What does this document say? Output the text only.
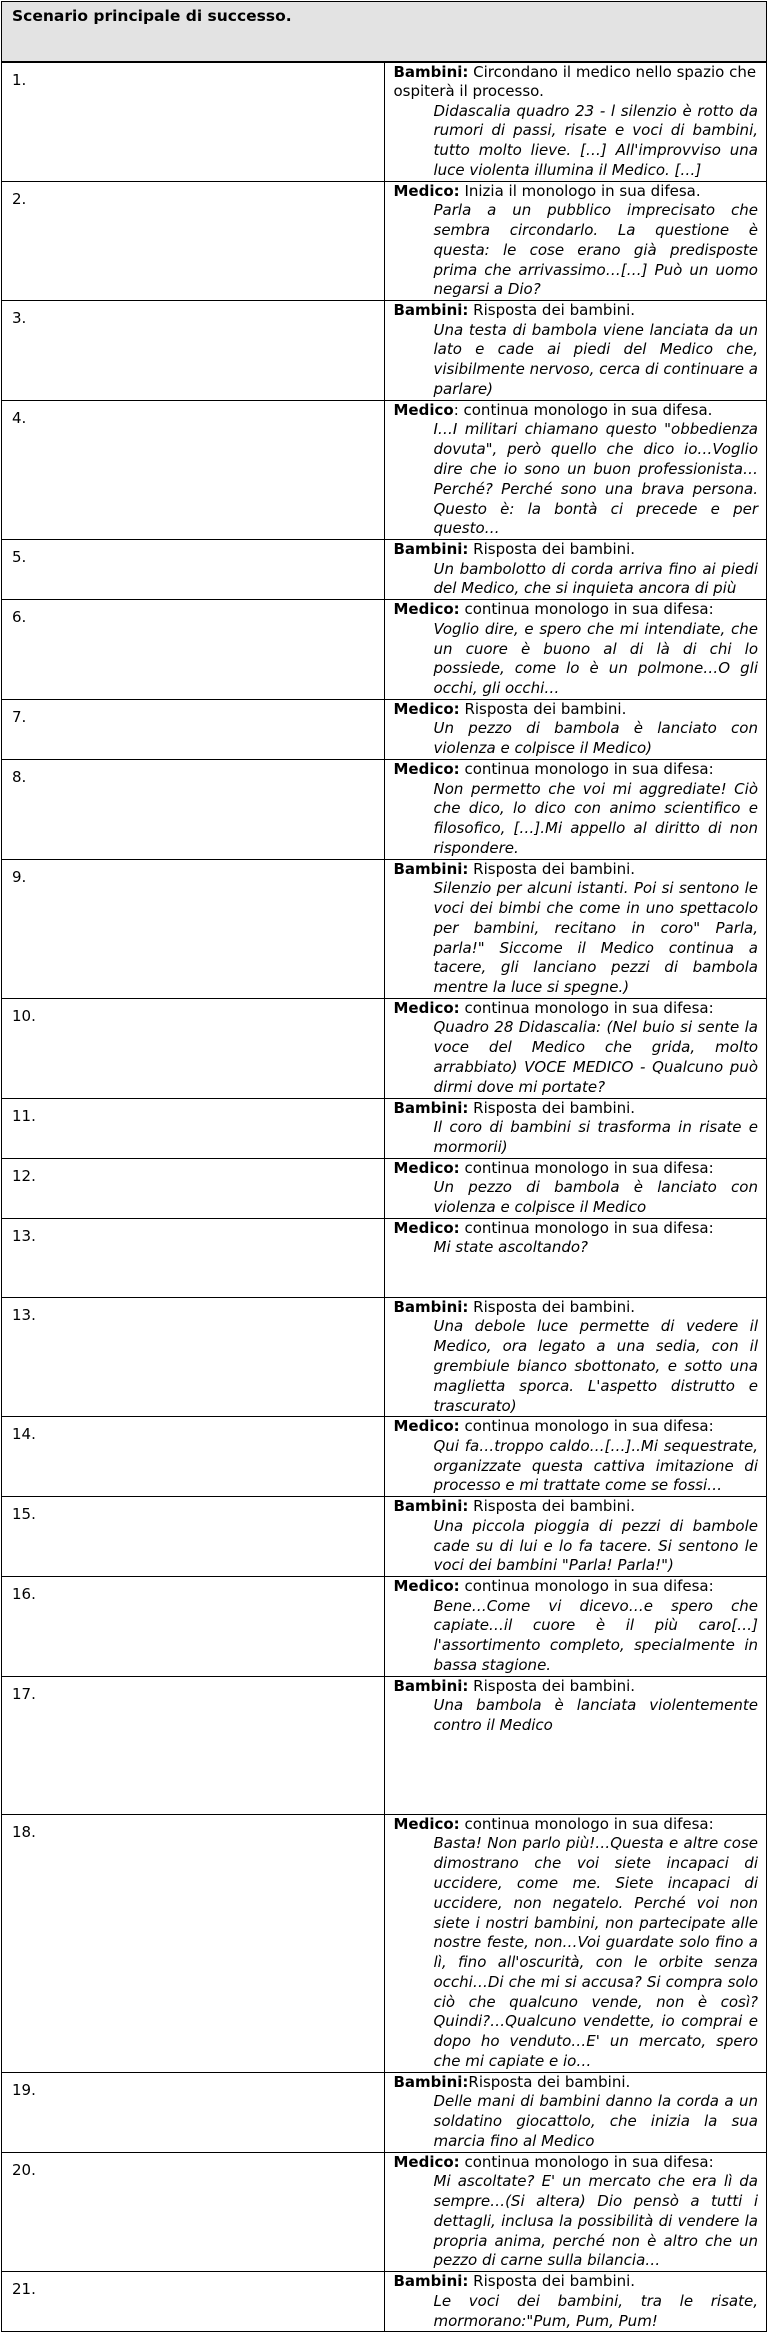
Scenario principale di successo.	
1.	Bambini: Circondano il medico nello spazio che ospiterà il processo.
Didascalia quadro 23 - l silenzio è rotto da rumori di passi, risate e voci di bambini, tutto molto lieve. […] All'improvviso una luce violenta illumina il Medico. […]

2.	Medico: Inizia il monologo in sua difesa.
Parla a un pubblico imprecisato che sembra circondarlo. La questione è questa: le cose erano già predisposte prima che arrivassimo…[…] Può un uomo negarsi a Dio?

3.	Bambini: Risposta dei bambini.
Una testa di bambola viene lanciata da un lato e cade ai piedi del Medico che, visibilmente nervoso, cerca di continuare a parlare)

4.	Medico: continua monologo in sua difesa.
I…I militari chiamano questo "obbedienza dovuta", però quello che dico io…Voglio dire che io sono un buon professionista…Perché? Perché sono una brava persona. Questo è: la bontà ci precede e per questo…

5.	Bambini: Risposta dei bambini.
Un bambolotto di corda arriva fino ai piedi del Medico, che si inquieta ancora di più

6.	Medico: continua monologo in sua difesa:
Voglio dire, e spero che mi intendiate, che un cuore è buono al di là di chi lo possiede, come lo è un polmone…O gli occhi, gli occhi…

7.	Medico: Risposta dei bambini.
Un pezzo di bambola è lanciato con violenza e colpisce il Medico)

8.	Medico: continua monologo in sua difesa:
Non permetto che voi mi aggrediate! Ciò che dico, lo dico con animo scientifico e filosofico, […].Mi appello al diritto di non rispondere.

9.	Bambini: Risposta dei bambini.
Silenzio per alcuni istanti. Poi si sentono le voci dei bimbi che come in uno spettacolo per bambini, recitano in coro" Parla, parla!" Siccome il Medico continua a tacere, gli lanciano pezzi di bambola mentre la luce si spegne.)

10.	Medico: continua monologo in sua difesa:
Quadro 28 Didascalia: (Nel buio si sente la voce del Medico che grida, molto arrabbiato) VOCE MEDICO - Qualcuno può dirmi dove mi portate?

11.	Bambini: Risposta dei bambini.
Il coro di bambini si trasforma in risate e mormorii)

12.	Medico: continua monologo in sua difesa:
Un pezzo di bambola è lanciato con violenza e colpisce il Medico

13.	Medico: continua monologo in sua difesa:
Mi state ascoltando?

13.	Bambini: Risposta dei bambini.
Una debole luce permette di vedere il Medico, ora legato a una sedia, con il grembiule bianco sbottonato, e sotto una maglietta sporca. L'aspetto distrutto e trascurato)

14.	Medico: continua monologo in sua difesa:
Qui fa…troppo caldo…[…]..Mi sequestrate, organizzate questa cattiva imitazione di processo e mi trattate come se fossi…

15.	Bambini: Risposta dei bambini.
Una piccola pioggia di pezzi di bambole cade su di lui e lo fa tacere. Si sentono le voci dei bambini "Parla! Parla!")

16.	Medico: continua monologo in sua difesa:
Bene…Come vi dicevo…e spero che capiate…il cuore è il più caro[…] l'assortimento completo, specialmente in bassa stagione.

17.	Bambini: Risposta dei bambini.
Una bambola è lanciata violentemente contro il Medico

18.	Medico: continua monologo in sua difesa:
Basta! Non parlo più!…Questa e altre cose dimostrano che voi siete incapaci di uccidere, come me. Siete incapaci di uccidere, non negatelo. Perché voi non siete i nostri bambini, non partecipate alle nostre feste, non…Voi guardate solo fino a lì, fino all'oscurità, con le orbite senza occhi…Di che mi si accusa? Si compra solo ciò che qualcuno vende, non è così? Quindi?…Qualcuno vendette, io comprai e dopo ho venduto…E' un mercato, spero che mi capiate e io…

19.	Bambini:Risposta dei bambini.
Delle mani di bambini danno la corda a un soldatino giocattolo, che inizia la sua marcia fino al Medico

20.	Medico: continua monologo in sua difesa:
Mi ascoltate? E' un mercato che era lì da sempre…(Si altera) Dio pensò a tutti i dettagli, inclusa la possibilità di vendere la propria anima, perché non è altro che un pezzo di carne sulla bilancia…

21.	Bambini: Risposta dei bambini.
Le voci dei bambini, tra le risate, mormorano:"Pum, Pum, Pum!
